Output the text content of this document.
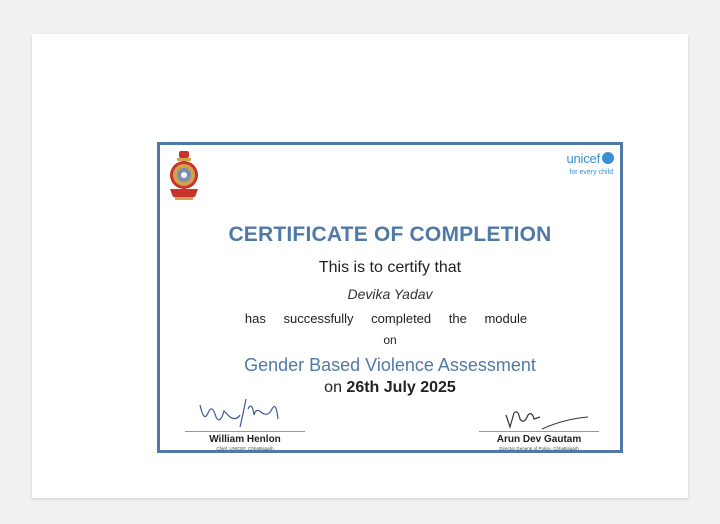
unicef
for every child
CERTIFICATE OF COMPLETION
This is to certify that
Devika Yadav
has successfully completed the module
on
Gender Based Violence Assessment
on 26th July 2025
William Henlon
Chief, UNICEF, Chhattisgarh
Arun Dev Gautam
Director General of Police, Chhattisgarh
